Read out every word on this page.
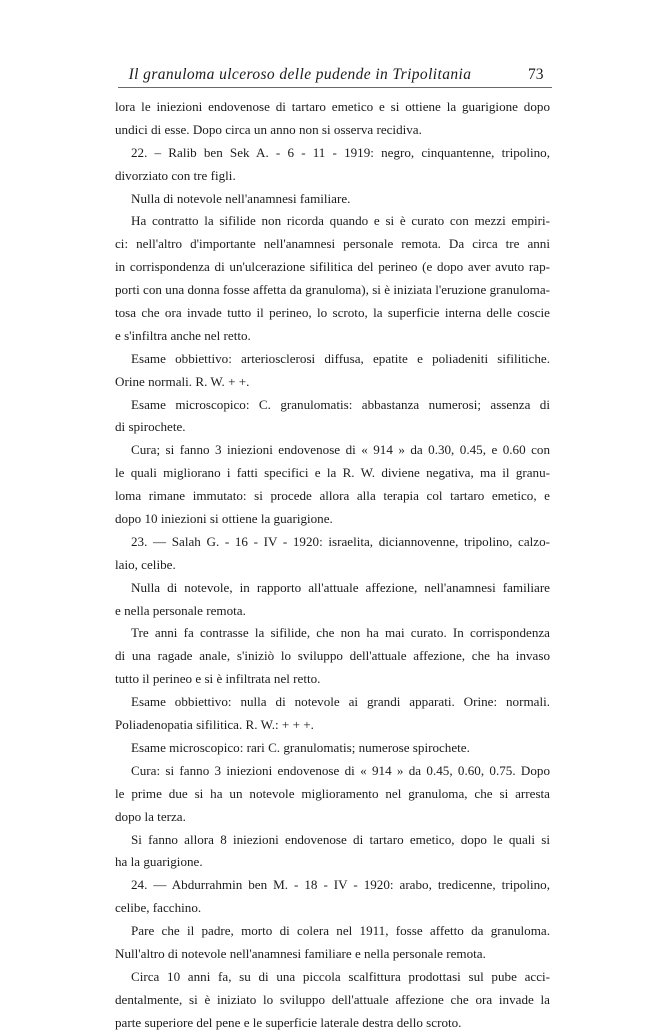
Il granuloma ulceroso delle pudende in Tripolitania	73
lora le iniezioni endovenose di tartaro emetico e si ottiene la guarigione dopo
undici di esse. Dopo circa un anno non si osserva recidiva.
22. – Ralib ben Sek A. - 6 - 11 - 1919: negro, cinquantenne, tripolino,
divorziato con tre figli.
Nulla di notevole nell'anamnesi familiare.
Ha contratto la sifilide non ricorda quando e si è curato con mezzi empiri-
ci: nell'altro d'importante nell'anamnesi personale remota. Da circa tre anni
in corrispondenza di un'ulcerazione sifilitica del perineo (e dopo aver avuto rap-
porti con una donna fosse affetta da granuloma), si è iniziata l'eruzione granuloma-
tosa che ora invade tutto il perineo, lo scroto, la superficie interna delle coscie
e s'infiltra anche nel retto.
Esame obbiettivo: arteriosclerosi diffusa, epatite e poliadeniti sifilitiche.
Orine normali. R. W. + +.
Esame microscopico: C. granulomatis: abbastanza numerosi; assenza di
di spirochete.
Cura; si fanno 3 iniezioni endovenose di « 914 » da 0.30, 0.45, e 0.60 con
le quali migliorano i fatti specifici e la R. W. diviene negativa, ma il granu-
loma rimane immutato: si procede allora alla terapia col tartaro emetico, e
dopo 10 iniezioni si ottiene la guarigione.
23. — Salah G. - 16 - IV - 1920: israelita, diciannovenne, tripolino, calzo-
laio, celibe.
Nulla di notevole, in rapporto all'attuale affezione, nell'anamnesi familiare
e nella personale remota.
Tre anni fa contrasse la sifilide, che non ha mai curato. In corrispondenza
di una ragade anale, s'iniziò lo sviluppo dell'attuale affezione, che ha invaso
tutto il perineo e si è infiltrata nel retto.
Esame obbiettivo: nulla di notevole ai grandi apparati. Orine: normali.
Poliadenopatia sifilitica. R. W.: + + +.
Esame microscopico: rari C. granulomatis; numerose spirochete.
Cura: si fanno 3 iniezioni endovenose di « 914 » da 0.45, 0.60, 0.75. Dopo
le prime due si ha un notevole miglioramento nel granuloma, che si arresta
dopo la terza.
Si fanno allora 8 iniezioni endovenose di tartaro emetico, dopo le quali si
ha la guarigione.
24. — Abdurrahmin ben M. - 18 - IV - 1920: arabo, tredicenne, tripolino,
celibe, facchino.
Pare che il padre, morto di colera nel 1911, fosse affetto da granuloma.
Null'altro di notevole nell'anamnesi familiare e nella personale remota.
Circa 10 anni fa, su di una piccola scalfittura prodottasi sul pube acci-
dentalmente, si è iniziato lo sviluppo dell'attuale affezione che ora invade la
parte superiore del pene e le superficie laterale destra dello scroto.
